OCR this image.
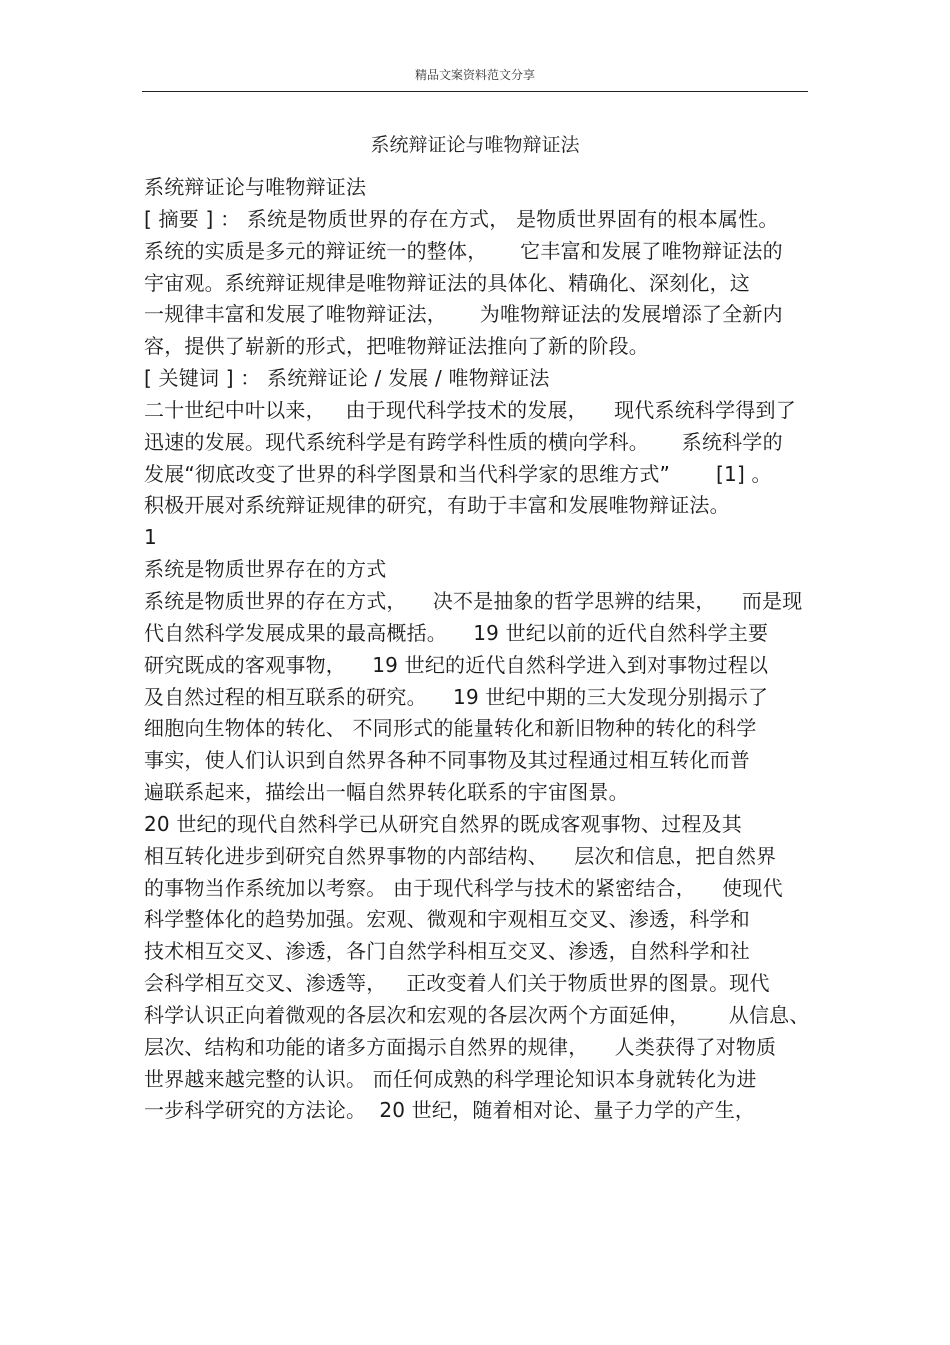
精品文案资料范文分享
系统辩证论与唯物辩证法
系统辩证论与唯物辩证法
[ 摘要 ] ： 系统是物质世界的存在方式， 是物质世界固有的根本属性。
系统的实质是多元的辩证统一的整体，     它丰富和发展了唯物辩证法的
宇宙观。系统辩证规律是唯物辩证法的具体化、精确化、深刻化，这
一规律丰富和发展了唯物辩证法，     为唯物辩证法的发展增添了全新内
容，提供了崭新的形式，把唯物辩证法推向了新的阶段。
[ 关键词 ] ： 系统辩证论 / 发展 / 唯物辩证法
二十世纪中叶以来，   由于现代科学技术的发展，    现代系统科学得到了
迅速的发展。现代系统科学是有跨学科性质的横向学科。     系统科学的
发展“彻底改变了世界的科学图景和当代科学家的思维方式”       [1] 。
积极开展对系统辩证规律的研究，有助于丰富和发展唯物辩证法。
1
系统是物质世界存在的方式
系统是物质世界的存在方式，    决不是抽象的哲学思辨的结果，    而是现
代自然科学发展成果的最高概括。    19 世纪以前的近代自然科学主要
研究既成的客观事物，    19 世纪的近代自然科学进入到对事物过程以
及自然过程的相互联系的研究。    19 世纪中期的三大发现分别揭示了
细胞向生物体的转化、 不同形式的能量转化和新旧物种的转化的科学
事实，使人们认识到自然界各种不同事物及其过程通过相互转化而普
遍联系起来，描绘出一幅自然界转化联系的宇宙图景。
20 世纪的现代自然科学已从研究自然界的既成客观事物、过程及其
相互转化进步到研究自然界事物的内部结构、    层次和信息，把自然界
的事物当作系统加以考察。 由于现代科学与技术的紧密结合，    使现代
科学整体化的趋势加强。宏观、微观和宇观相互交叉、渗透，科学和
技术相互交叉、渗透，各门自然学科相互交叉、渗透，自然科学和社
会科学相互交叉、渗透等，   正改变着人们关于物质世界的图景。现代
科学认识正向着微观的各层次和宏观的各层次两个方面延伸，      从信息、
层次、结构和功能的诸多方面揭示自然界的规律，    人类获得了对物质
世界越来越完整的认识。 而任何成熟的科学理论知识本身就转化为进
一步科学研究的方法论。  20 世纪，随着相对论、量子力学的产生，
